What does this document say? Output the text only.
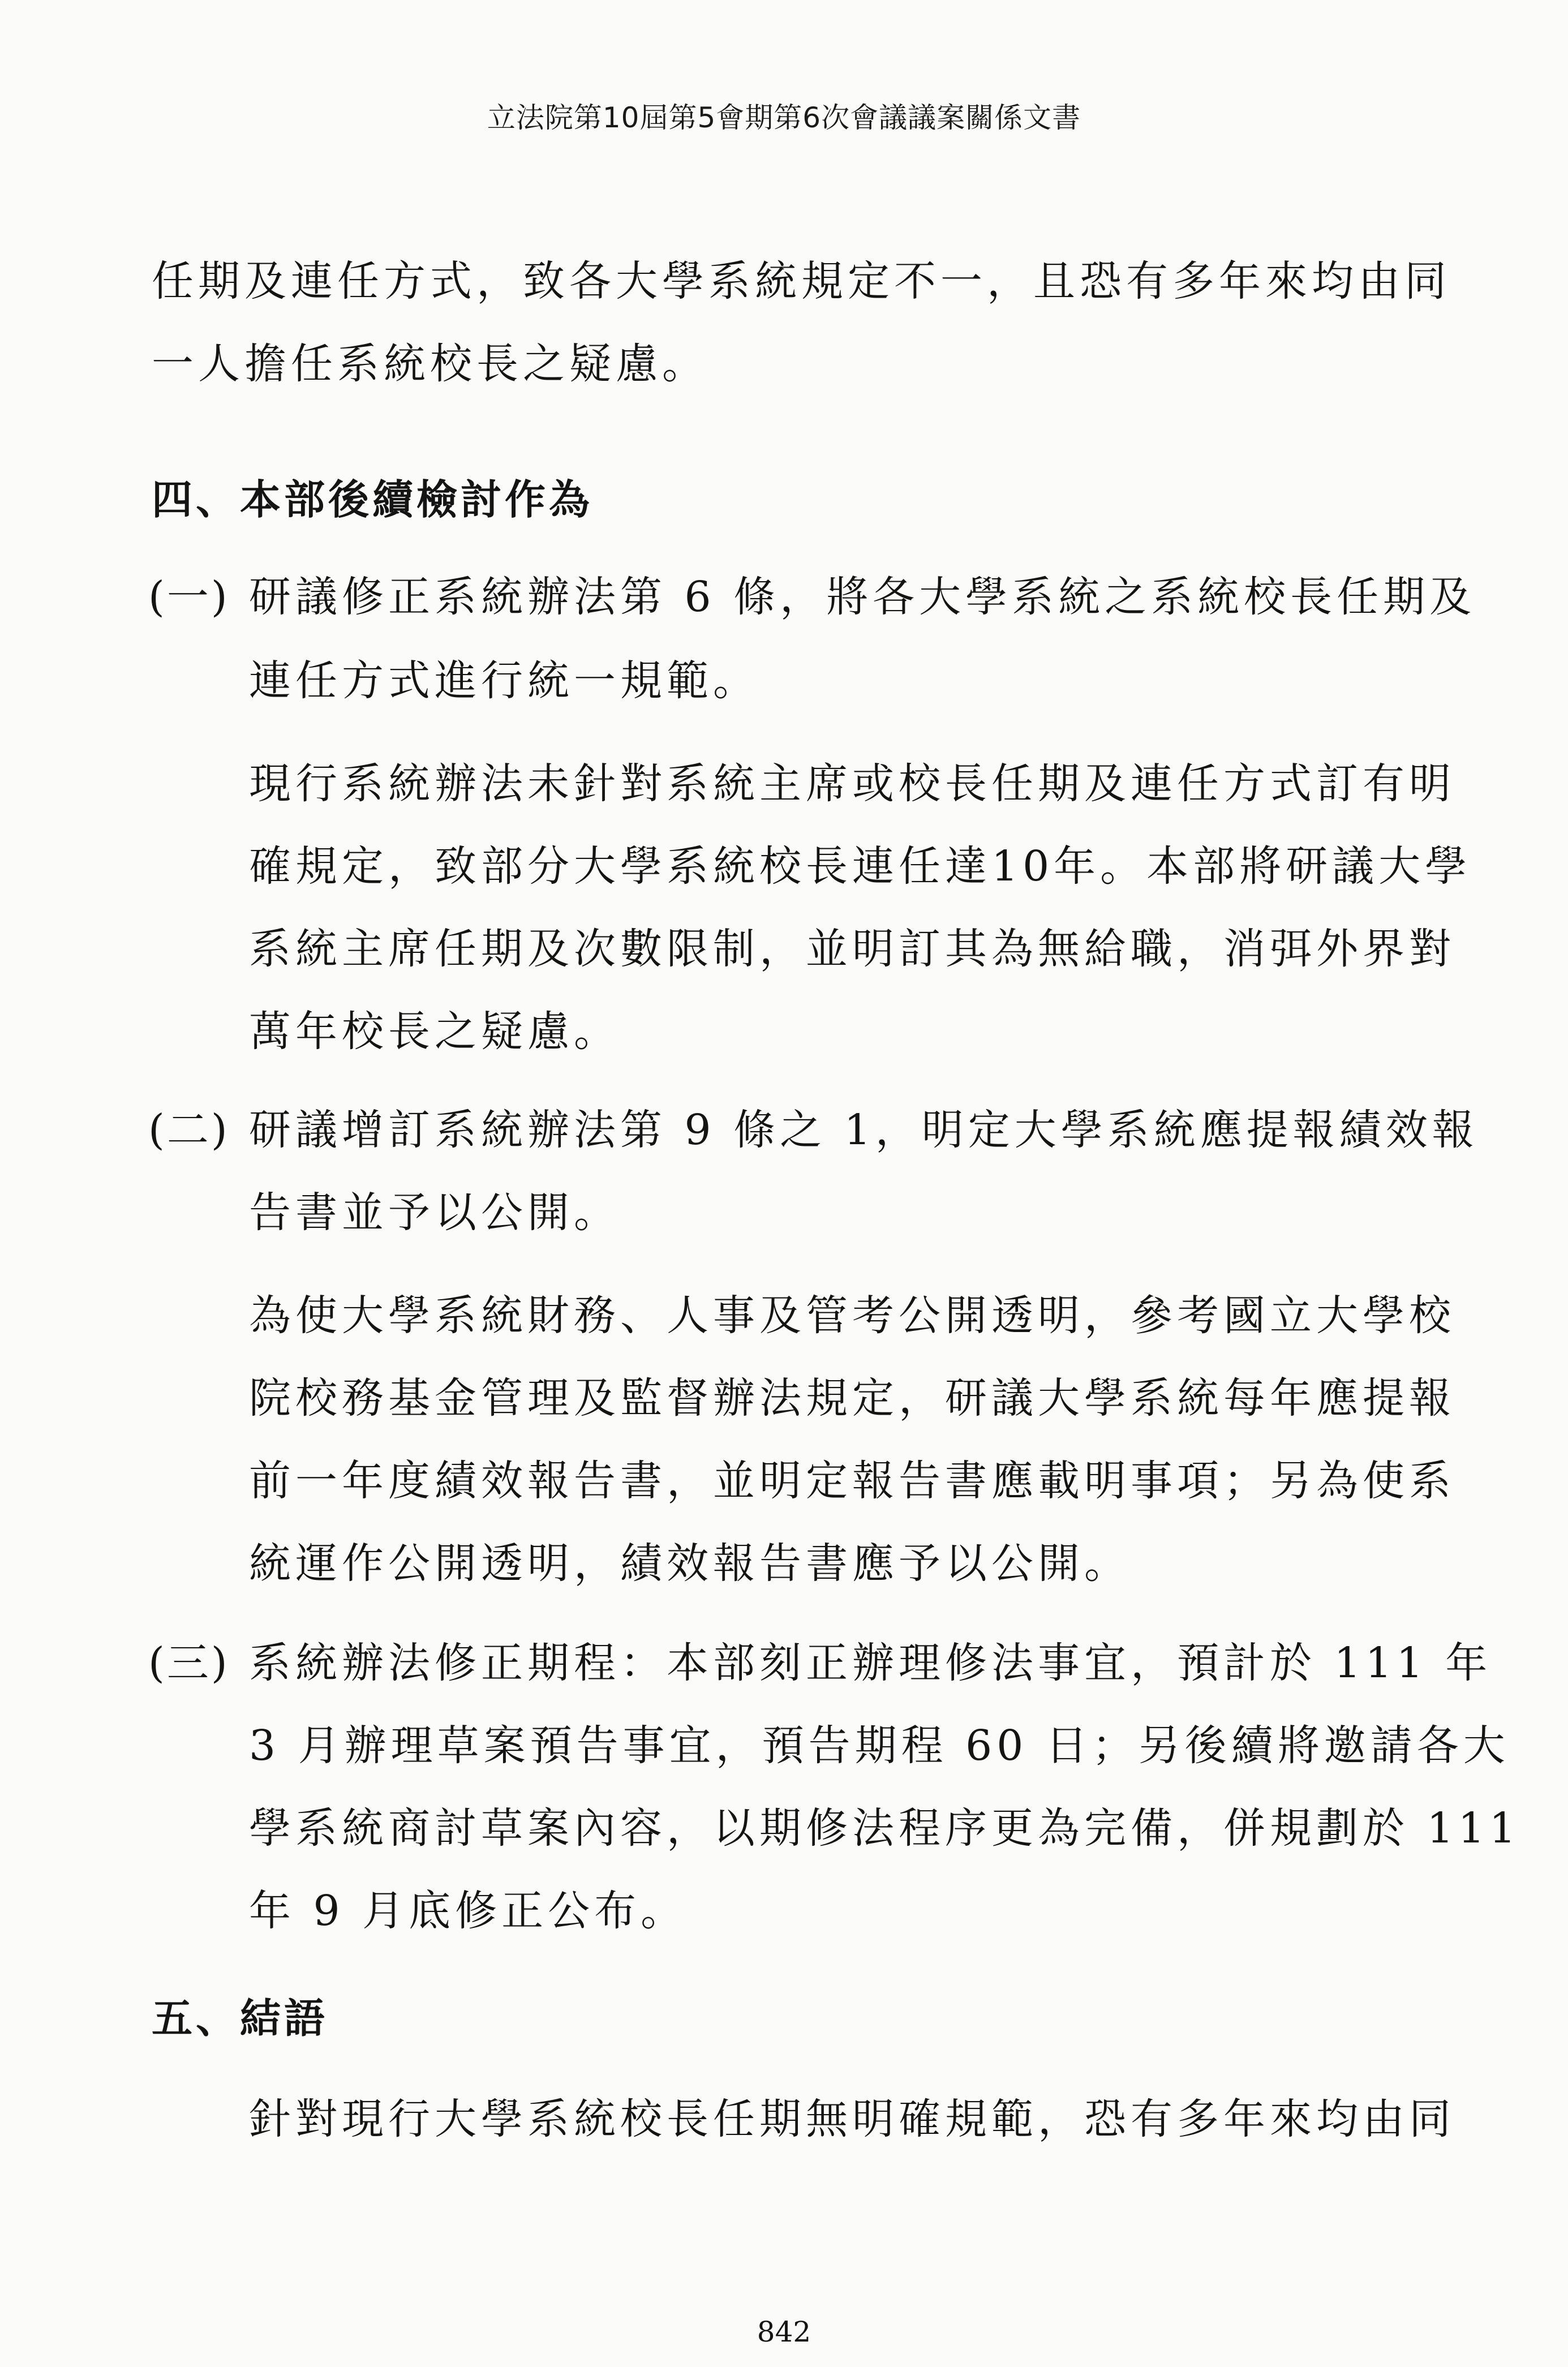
立法院第10屆第5會期第6次會議議案關係文書
任期及連任方式，致各大學系統規定不一，且恐有多年來均由同
一人擔任系統校長之疑慮。
四、本部後續檢討作為
(一) 研議修正系統辦法第 6 條，將各大學系統之系統校長任期及
連任方式進行統一規範。
現行系統辦法未針對系統主席或校長任期及連任方式訂有明
確規定，致部分大學系統校長連任達10年。本部將研議大學
系統主席任期及次數限制，並明訂其為無給職，消弭外界對
萬年校長之疑慮。
(二) 研議增訂系統辦法第 9 條之 1，明定大學系統應提報績效報
告書並予以公開。
為使大學系統財務、人事及管考公開透明，參考國立大學校
院校務基金管理及監督辦法規定，研議大學系統每年應提報
前一年度績效報告書，並明定報告書應載明事項；另為使系
統運作公開透明，績效報告書應予以公開。
(三) 系統辦法修正期程：本部刻正辦理修法事宜，預計於 111 年
3 月辦理草案預告事宜，預告期程 60 日；另後續將邀請各大
學系統商討草案內容，以期修法程序更為完備，併規劃於 111
年 9 月底修正公布。
五、結語
針對現行大學系統校長任期無明確規範，恐有多年來均由同
842
